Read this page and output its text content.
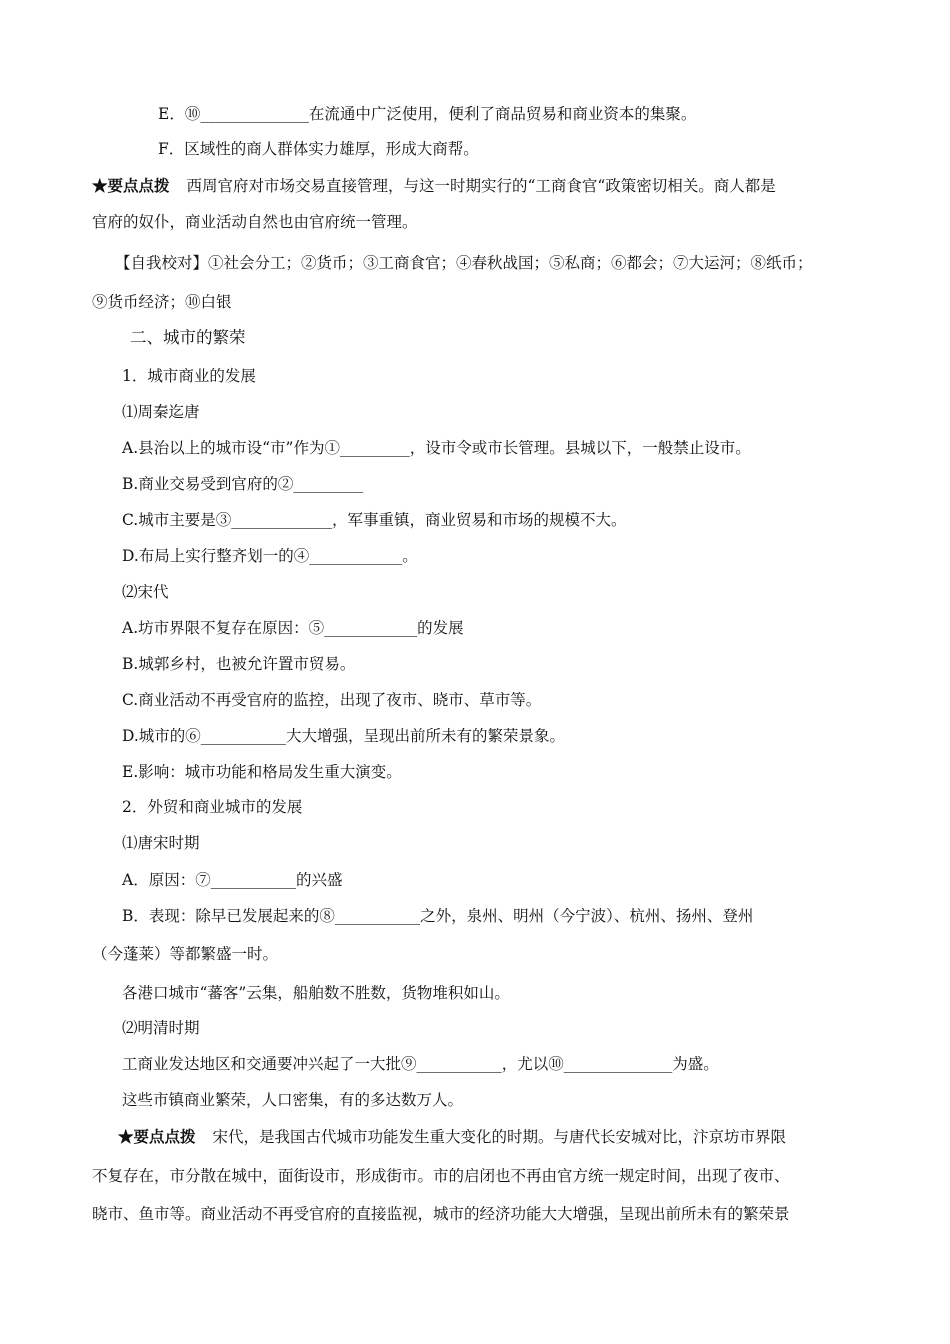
E．⑩______________在流通中广泛使用，便利了商品贸易和商业资本的集聚。
F．区域性的商人群体实力雄厚，形成大商帮。
★要点点拨 西周官府对市场交易直接管理，与这一时期实行的“工商食官“政策密切相关。商人都是
官府的奴仆，商业活动自然也由官府统一管理。
【自我校对】①社会分工；②货币；③工商食官；④春秋战国；⑤私商；⑥都会；⑦大运河；⑧纸币；
⑨货币经济；⑩白银
二、城市的繁荣
1．城市商业的发展
⑴周秦迄唐
A.县治以上的城市设“市”作为①_________，设市令或市长管理。县城以下，一般禁止设市。
B.商业交易受到官府的②_________
C.城市主要是③_____________，军事重镇，商业贸易和市场的规模不大。
D.布局上实行整齐划一的④____________。
⑵宋代
A.坊市界限不复存在原因：⑤____________的发展
B.城郭乡村，也被允许置市贸易。
C.商业活动不再受官府的监控，出现了夜市、晓市、草市等。
D.城市的⑥___________大大增强，呈现出前所未有的繁荣景象。
E.影响：城市功能和格局发生重大演变。
2．外贸和商业城市的发展
⑴唐宋时期
A．原因：⑦___________的兴盛
B．表现：除早已发展起来的⑧___________之外，泉州、明州（今宁波）、杭州、扬州、登州
（今蓬莱）等都繁盛一时。
各港口城市“蕃客”云集，船舶数不胜数，货物堆积如山。
⑵明清时期
工商业发达地区和交通要冲兴起了一大批⑨___________，尤以⑩______________为盛。
这些市镇商业繁荣，人口密集，有的多达数万人。
★要点点拨 宋代，是我国古代城市功能发生重大变化的时期。与唐代长安城对比，汴京坊市界限
不复存在，市分散在城中，面街设市，形成街市。市的启闭也不再由官方统一规定时间，出现了夜市、
晓市、鱼市等。商业活动不再受官府的直接监视，城市的经济功能大大增强，呈现出前所未有的繁荣景
